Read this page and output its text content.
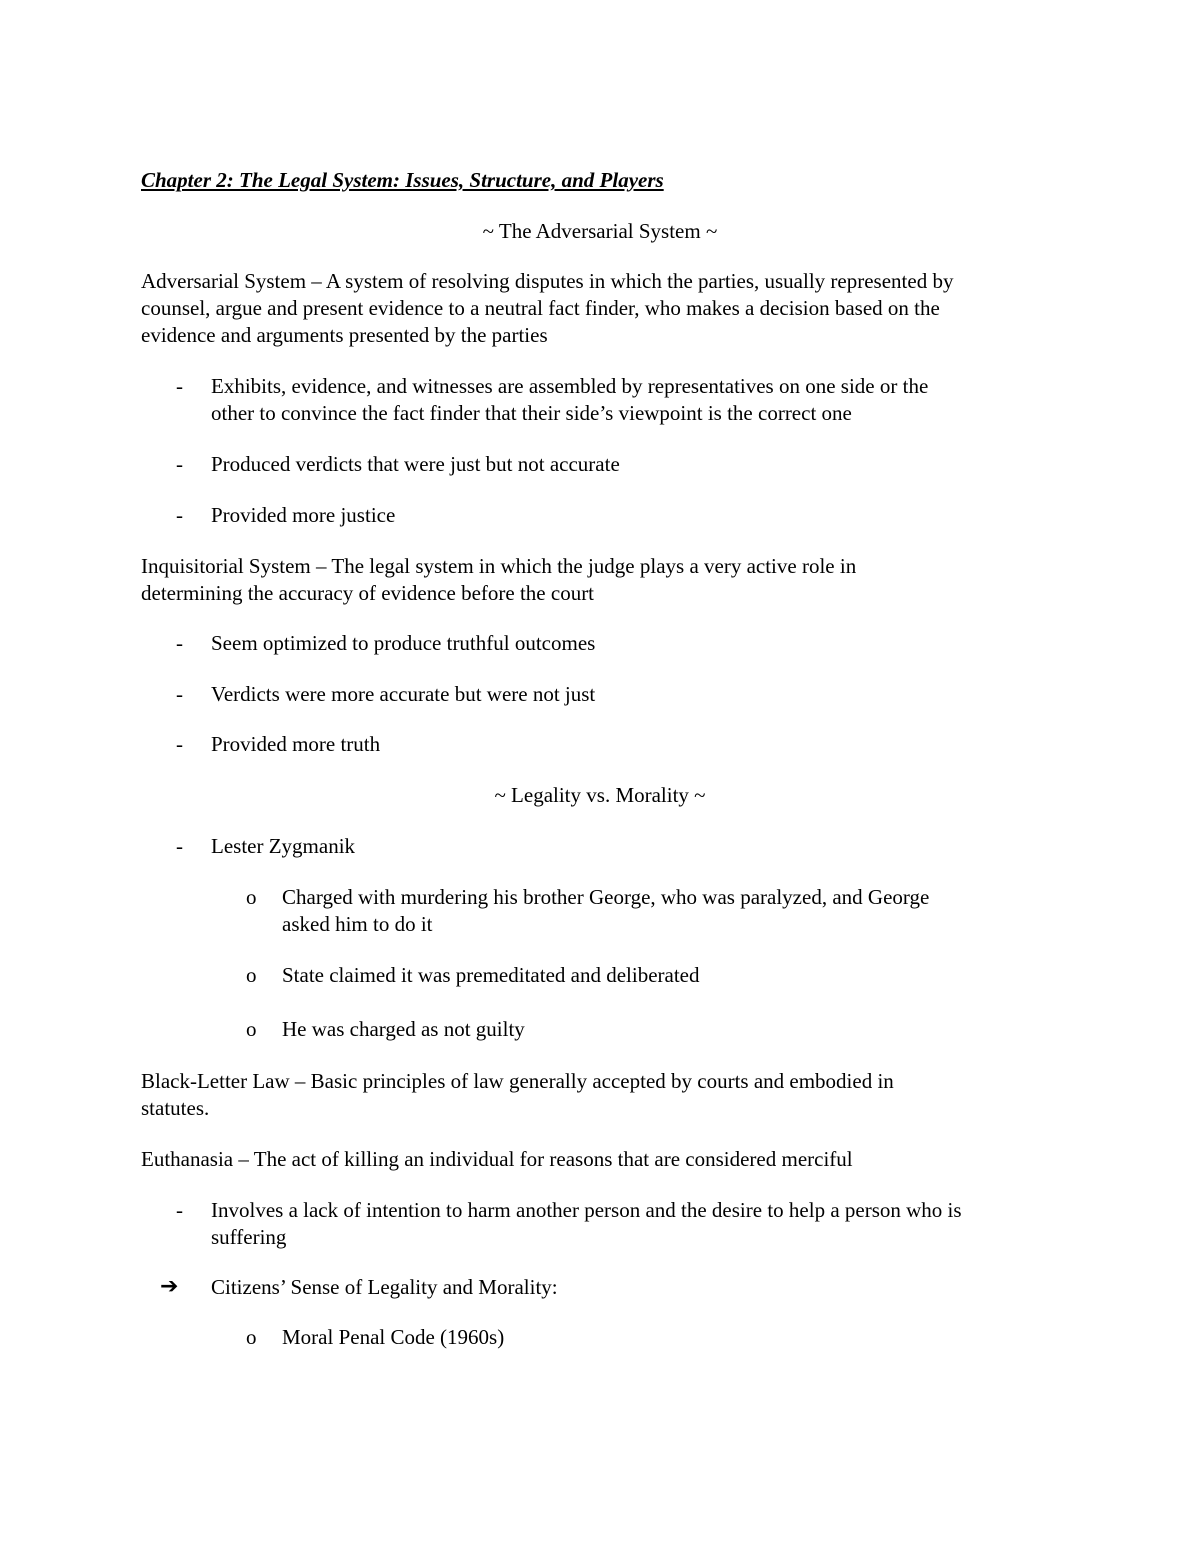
Chapter 2: The Legal System: Issues, Structure, and Players
~ The Adversarial System ~
Adversarial System – A system of resolving disputes in which the parties, usually represented by
counsel, argue and present evidence to a neutral fact finder, who makes a decision based on the
evidence and arguments presented by the parties
- Exhibits, evidence, and witnesses are assembled by representatives on one side or the
other to convince the fact finder that their side’s viewpoint is the correct one
- Produced verdicts that were just but not accurate
- Provided more justice
Inquisitorial System – The legal system in which the judge plays a very active role in
determining the accuracy of evidence before the court
- Seem optimized to produce truthful outcomes
- Verdicts were more accurate but were not just
- Provided more truth
~ Legality vs. Morality ~
- Lester Zygmanik
o Charged with murdering his brother George, who was paralyzed, and George
asked him to do it
o State claimed it was premeditated and deliberated
o He was charged as not guilty
Black-Letter Law – Basic principles of law generally accepted by courts and embodied in
statutes.
Euthanasia – The act of killing an individual for reasons that are considered merciful
- Involves a lack of intention to harm another person and the desire to help a person who is
suffering
➔ Citizens’ Sense of Legality and Morality:
o Moral Penal Code (1960s)
